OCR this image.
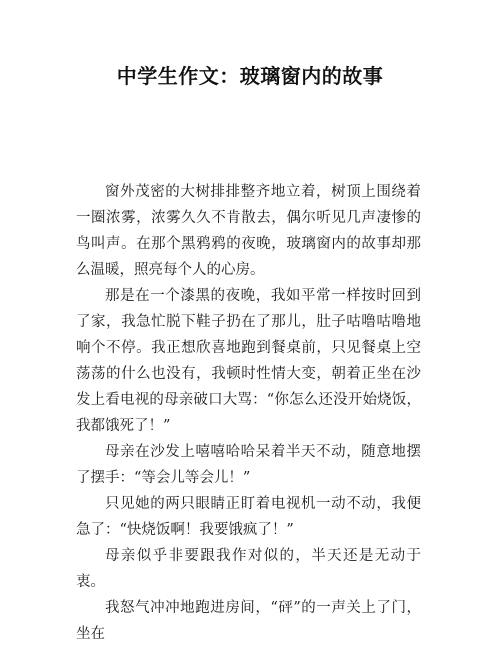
中学生作文：玻璃窗内的故事

窗外茂密的大树排排整齐地立着，树顶上围绕着一圈浓雾，浓雾久久不肯散去，偶尔听见几声凄惨的鸟叫声。在那个黑鸦鸦的夜晚，玻璃窗内的故事却那么温暖，照亮每个人的心房。

那是在一个漆黑的夜晚，我如平常一样按时回到了家，我急忙脱下鞋子扔在了那儿，肚子咕噜咕噜地响个不停。我正想欣喜地跑到餐桌前，只见餐桌上空荡荡的什么也没有，我顿时性情大变，朝着正坐在沙发上看电视的母亲破口大骂：“你怎么还没开始烧饭，我都饿死了！”

母亲在沙发上嘻嘻哈哈呆着半天不动，随意地摆了摆手：“等会儿等会儿！”

只见她的两只眼睛正盯着电视机一动不动，我便急了：“快烧饭啊！我要饿疯了！”

母亲似乎非要跟我作对似的，半天还是无动于衷。

我怒气冲冲地跑进房间，“砰”的一声关上了门，坐在
